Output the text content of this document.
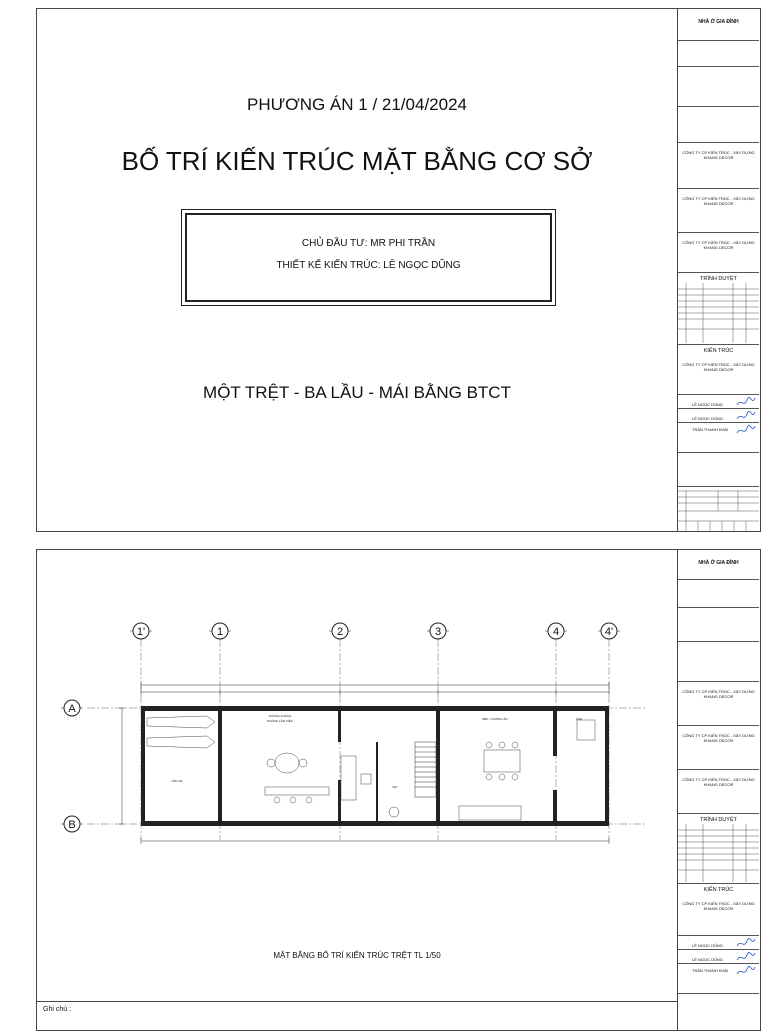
PHƯƠNG ÁN 1 / 21/04/2024
BỐ TRÍ KIẾN TRÚC MẶT BẰNG CƠ SỞ
CHỦ ĐẦU TƯ: MR PHI TRẦN
THIẾT KẾ KIẾN TRÚC: LÊ NGỌC DŨNG
MỘT TRỆT - BA LẦU - MÁI BẰNG BTCT
NHÀ Ở GIA ĐÌNH
CÔNG TY CP KIẾN TRÚC - XÂY DỰNG KHANG DECOR
CÔNG TY CP KIẾN TRÚC - XÂY DỰNG KHANG DECOR
CÔNG TY CP KIẾN TRÚC - XÂY DỰNG KHANG DECOR
TRÌNH DUYỆT
KIẾN TRÚC
CÔNG TY CP KIẾN TRÚC - XÂY DỰNG KHANG DECOR
LÊ NGỌC DŨNG
LÊ NGỌC DŨNG
TRẦN THANH KHẢI
1'	1	2	3	4	4'
A
B
SÂN XE
PHÒNG KHÁCH
PHÒNG LÀM VIỆC
WC
BẾP + PHÒNG ĂN	SÂN
MẶT BẰNG BỐ TRÍ KIẾN TRÚC TRỆT TL 1/50
Ghi chú :
NHÀ Ở GIA ĐÌNH
CÔNG TY CP KIẾN TRÚC - XÂY DỰNG KHANG DECOR
CÔNG TY CP KIẾN TRÚC - XÂY DỰNG KHANG DECOR
CÔNG TY CP KIẾN TRÚC - XÂY DỰNG KHANG DECOR
TRÌNH DUYỆT
KIẾN TRÚC
CÔNG TY CP KIẾN TRÚC - XÂY DỰNG KHANG DECOR
LÊ NGỌC DŨNG
LÊ NGỌC DŨNG
TRẦN THANH KHẢI
